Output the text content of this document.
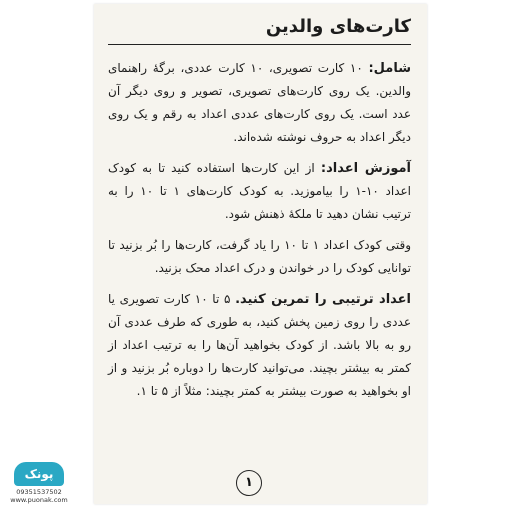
کارت‌های والدین

شامل: ۱۰ کارت تصویری، ۱۰ کارت عددی، برگهٔ راهنمای والدین. یک روی کارت‌های تصویری، تصویر و روی دیگر آن عدد است. یک روی کارت‌های عددی اعداد به رقم و یک روی دیگر اعداد به حروف نوشته شده‌اند.

آموزش اعداد: از این کارت‌ها استفاده کنید تا به کودک اعداد ۱۰-۱ را بیاموزید. به کودک کارت‌های ۱ تا ۱۰ را به ترتیب نشان دهید تا ملکهٔ ذهنش شود.

وقتی کودک اعداد ۱ تا ۱۰ را یاد گرفت، کارت‌ها را بُر بزنید تا توانایی کودک را در خواندن و درک اعداد محک بزنید.

اعداد ترتیبی را تمرین کنید. ۵ تا ۱۰ کارت تصویری یا عددی را روی زمین پخش کنید، به طوری که طرف عددی آن رو به بالا باشد. از کودک بخواهید آن‌ها را به ترتیب اعداد از کمتر به بیشتر بچیند. می‌توانید کارت‌ها را دوباره بُر بزنید و از او بخواهید به صورت بیشتر به کمتر بچیند: مثلاً از ۵ تا ۱.

۱
پونک
09351537502
www.puonak.com
